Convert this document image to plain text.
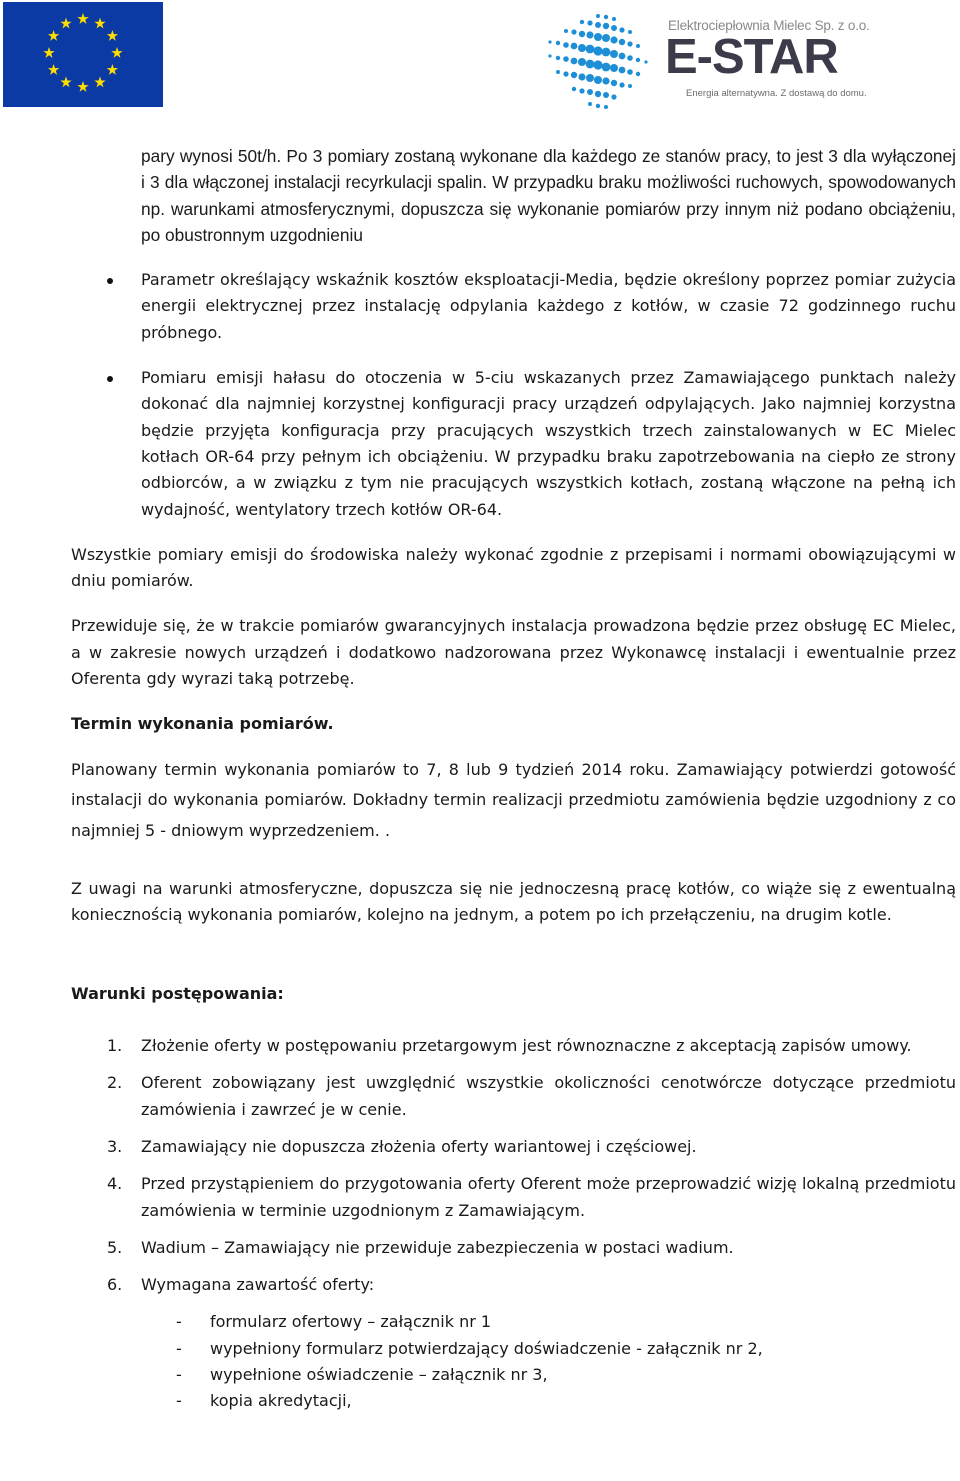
Elektrociepłownia Mielec Sp. z o.o.
E-STAR
Energia alternatywna. Z dostawą do domu.

pary wynosi 50t/h. Po 3 pomiary zostaną wykonane dla każdego ze stanów pracy, to jest 3 dla wyłączonej i 3 dla włączonej instalacji recyrkulacji spalin. W przypadku braku możliwości ruchowych, spowodowanych np. warunkami atmosferycznymi, dopuszcza się wykonanie pomiarów przy innym niż podano obciążeniu, po obustronnym uzgodnieniu

Parametr określający wskaźnik kosztów eksploatacji-Media, będzie określony poprzez pomiar zużycia energii elektrycznej przez instalację odpylania każdego z kotłów, w czasie 72 godzinnego ruchu próbnego.
Pomiaru emisji hałasu do otoczenia w 5-ciu wskazanych przez Zamawiającego punktach należy dokonać dla najmniej korzystnej konfiguracji pracy urządzeń odpylających. Jako najmniej korzystna będzie przyjęta konfiguracja przy pracujących wszystkich trzech zainstalowanych w EC Mielec kotłach OR-64 przy pełnym ich obciążeniu. W przypadku braku zapotrzebowania na ciepło ze strony odbiorców, a w związku z tym nie pracujących wszystkich kotłach, zostaną włączone na pełną ich wydajność, wentylatory trzech kotłów OR-64.

Wszystkie pomiary emisji do środowiska należy wykonać zgodnie z przepisami i normami obowiązującymi w dniu pomiarów.

Przewiduje się, że w trakcie pomiarów gwarancyjnych instalacja prowadzona będzie przez obsługę EC Mielec, a w zakresie nowych urządzeń i dodatkowo nadzorowana przez Wykonawcę instalacji i ewentualnie przez Oferenta gdy wyrazi taką potrzebę.

Termin wykonania pomiarów.

Planowany termin wykonania pomiarów to 7, 8 lub 9 tydzień 2014 roku. Zamawiający potwierdzi gotowość instalacji do wykonania pomiarów. Dokładny termin realizacji przedmiotu zamówienia będzie uzgodniony z co najmniej 5 - dniowym wyprzedzeniem. .

Z uwagi na warunki atmosferyczne, dopuszcza się nie jednoczesną pracę kotłów, co wiąże się z ewentualną koniecznością wykonania pomiarów, kolejno na jednym, a potem po ich przełączeniu, na drugim kotle.

Warunki postępowania:

1. Złożenie oferty w postępowaniu przetargowym jest równoznaczne z akceptacją zapisów umowy.
2. Oferent zobowiązany jest uwzględnić wszystkie okoliczności cenotwórcze dotyczące przedmiotu zamówienia i zawrzeć je w cenie.
3. Zamawiający nie dopuszcza złożenia oferty wariantowej i częściowej.
4. Przed przystąpieniem do przygotowania oferty Oferent może przeprowadzić wizję lokalną przedmiotu zamówienia w terminie uzgodnionym z Zamawiającym.
5. Wadium – Zamawiający nie przewiduje zabezpieczenia w postaci wadium.
6. Wymagana zawartość oferty:
- formularz ofertowy – załącznik nr 1
- wypełniony formularz potwierdzający doświadczenie - załącznik nr 2,
- wypełnione oświadczenie – załącznik nr 3,
- kopia akredytacji,
